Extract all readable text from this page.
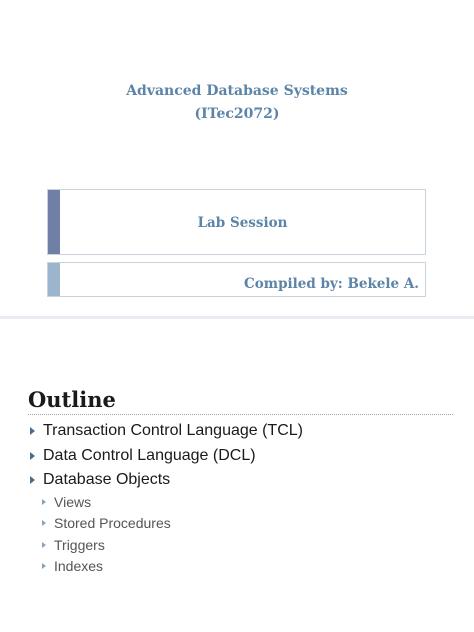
Advanced Database Systems
(ITec2072)
Lab Session
Compiled by: Bekele A.
Outline
Transaction Control Language (TCL)
Data Control Language (DCL)
Database Objects
Views
Stored Procedures
Triggers
Indexes
